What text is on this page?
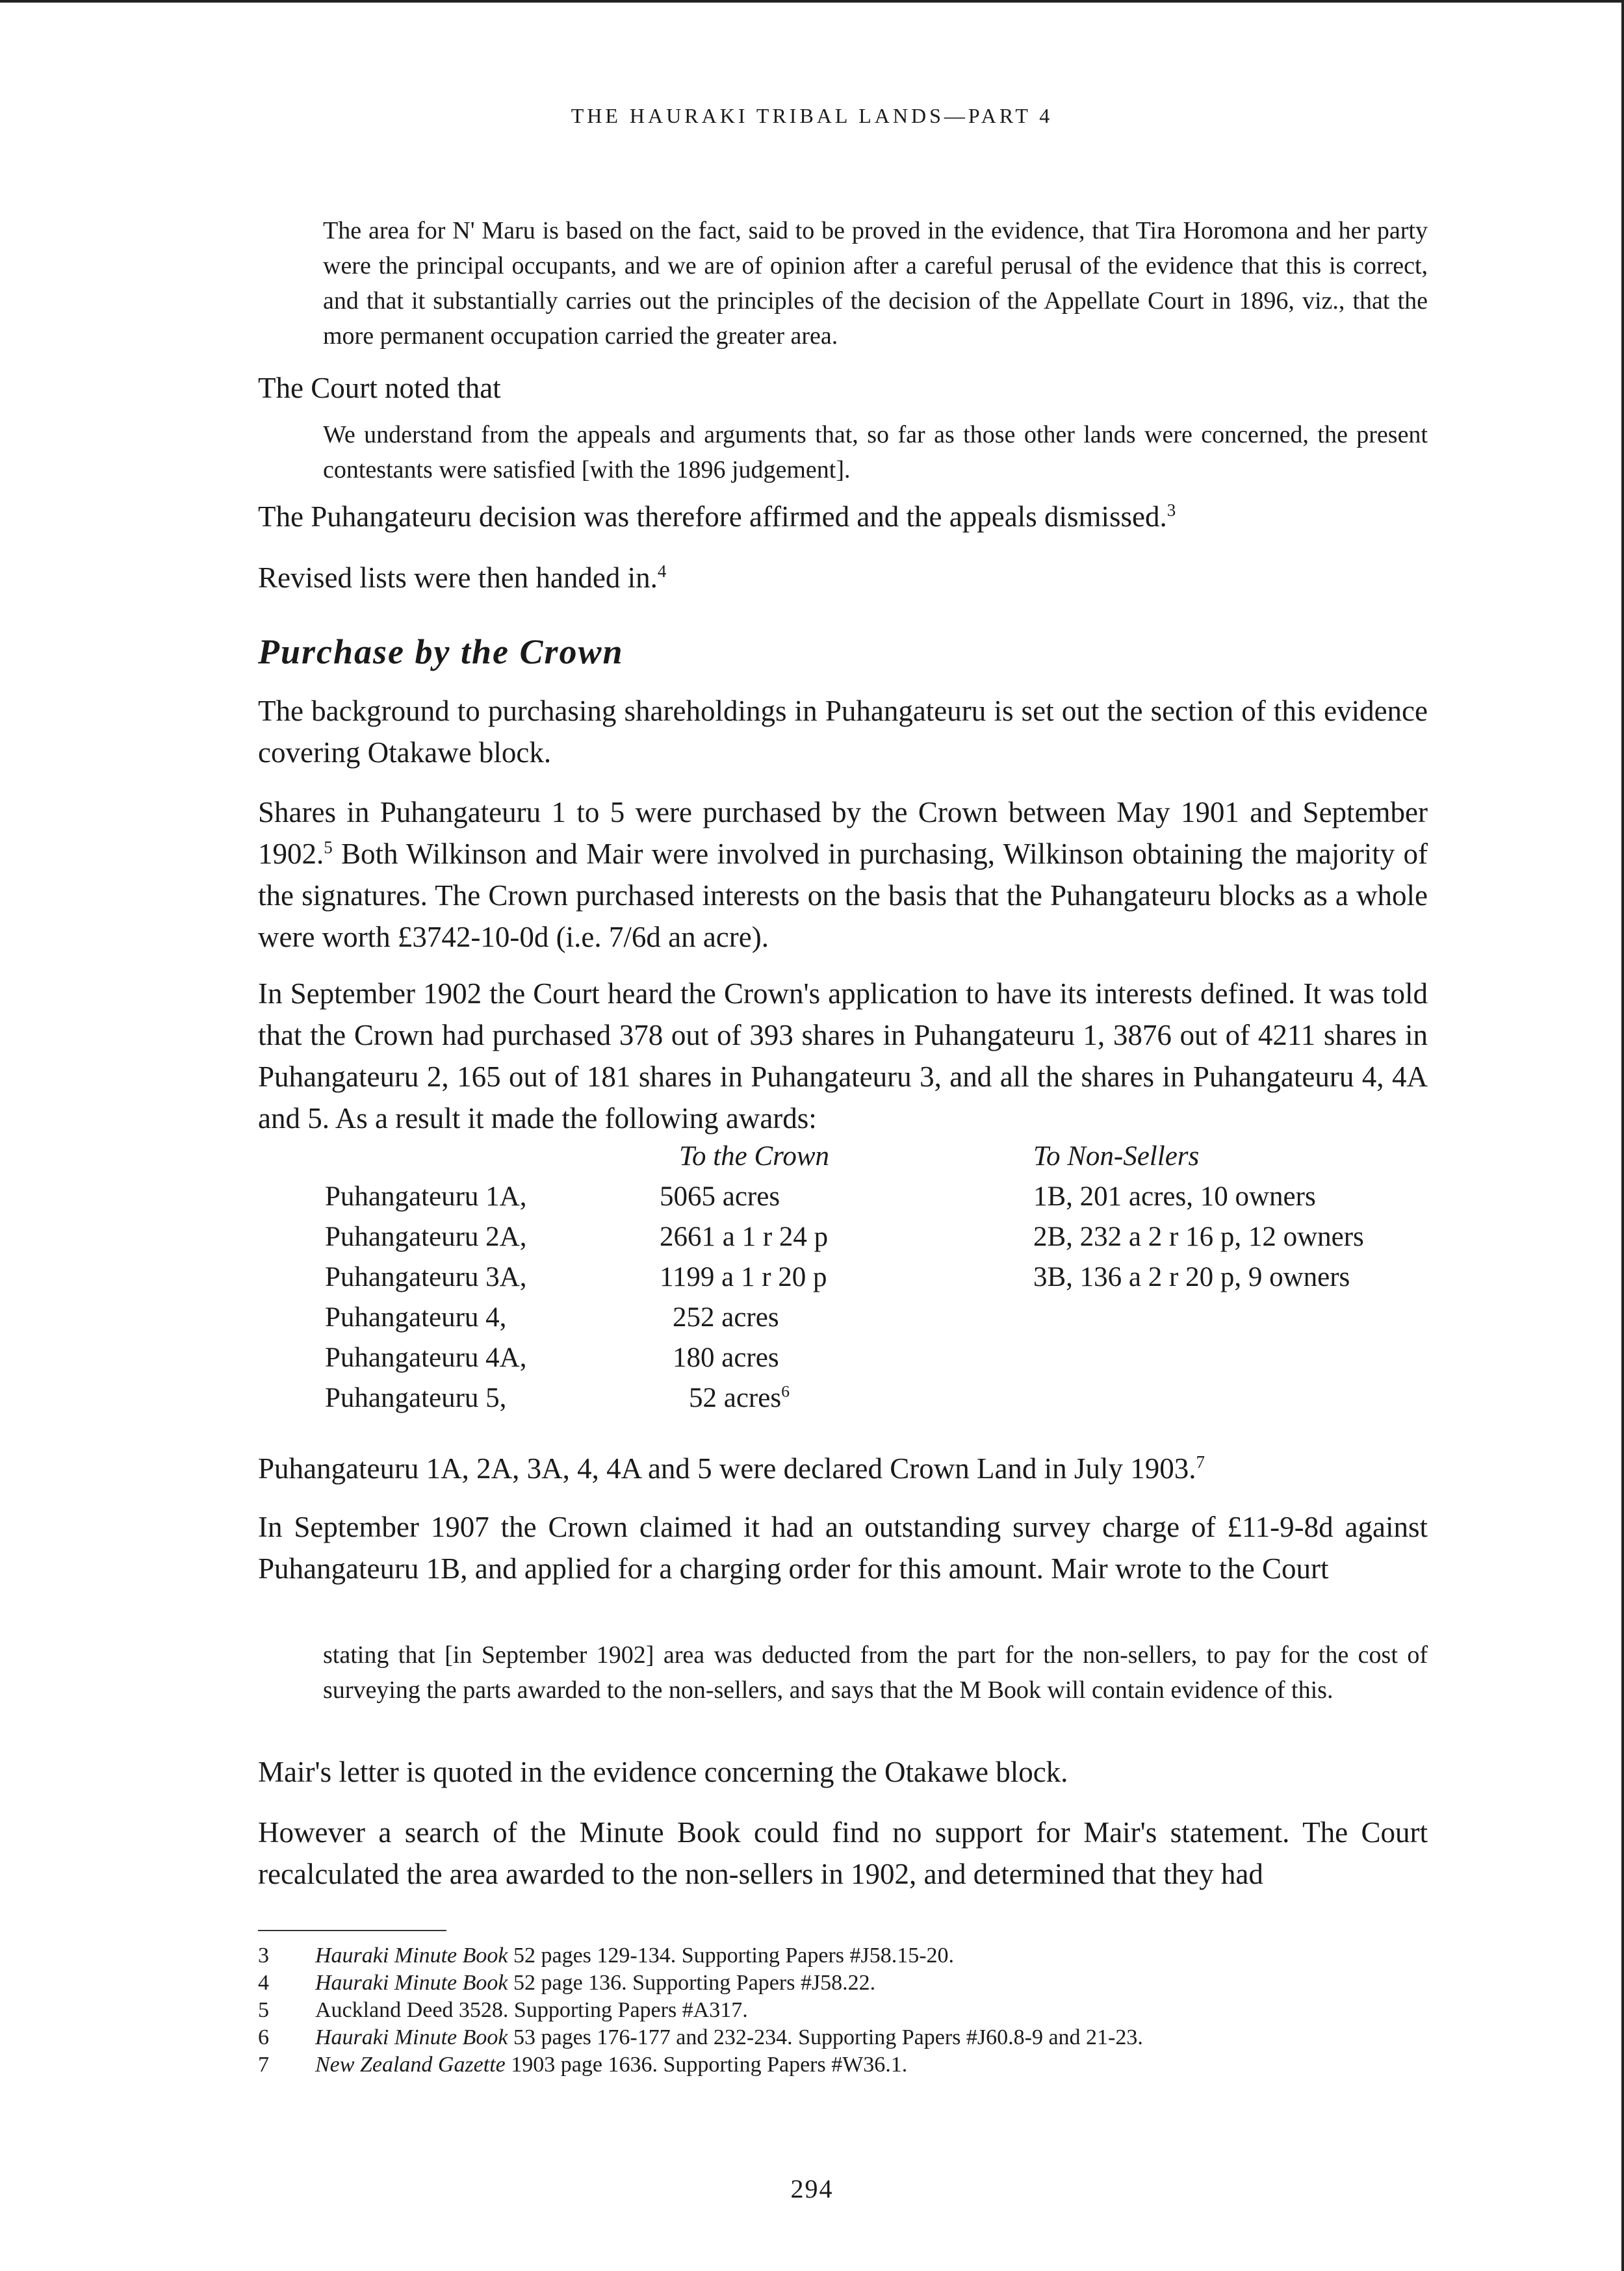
THE HAURAKI TRIBAL LANDS—PART 4

The area for N' Maru is based on the fact, said to be proved in the evidence, that Tira Horomona and her party were the principal occupants, and we are of opinion after a careful perusal of the evidence that this is correct, and that it substantially carries out the principles of the decision of the Appellate Court in 1896, viz., that the more permanent occupation carried the greater area.

The Court noted that

We understand from the appeals and arguments that, so far as those other lands were concerned, the present contestants were satisfied [with the 1896 judgement].

The Puhangateuru decision was therefore affirmed and the appeals dismissed.$^3$

Revised lists were then handed in.$^4$

Purchase by the Crown

The background to purchasing shareholdings in Puhangateuru is set out the section of this evidence covering Otakawe block.

Shares in Puhangateuru 1 to 5 were purchased by the Crown between May 1901 and September 1902.$^5$ Both Wilkinson and Mair were involved in purchasing, Wilkinson obtaining the majority of the signatures. The Crown purchased interests on the basis that the Puhangateuru blocks as a whole were worth £3742-10-0d (i.e. 7/6d an acre).

In September 1902 the Court heard the Crown's application to have its interests defined. It was told that the Crown had purchased 378 out of 393 shares in Puhangateuru 1, 3876 out of 4211 shares in Puhangateuru 2, 165 out of 181 shares in Puhangateuru 3, and all the shares in Puhangateuru 4, 4A and 5. As a result it made the following awards:

To the Crown	To Non-Sellers
Puhangateuru 1A,	5065 acres	1B, 201 acres, 10 owners
Puhangateuru 2A,	2661 a 1 r 24 p	2B, 232 a 2 r 16 p, 12 owners
Puhangateuru 3A,	1199 a 1 r 20 p	3B, 136 a 2 r 20 p, 9 owners
Puhangateuru 4,	252 acres
Puhangateuru 4A,	180 acres
Puhangateuru 5,	52 acres$^6$

Puhangateuru 1A, 2A, 3A, 4, 4A and 5 were declared Crown Land in July 1903.$^7$

In September 1907 the Crown claimed it had an outstanding survey charge of £11-9-8d against Puhangateuru 1B, and applied for a charging order for this amount. Mair wrote to the Court

stating that [in September 1902] area was deducted from the part for the non-sellers, to pay for the cost of surveying the parts awarded to the non-sellers, and says that the M Book will contain evidence of this.

Mair's letter is quoted in the evidence concerning the Otakawe block.

However a search of the Minute Book could find no support for Mair's statement. The Court recalculated the area awarded to the non-sellers in 1902, and determined that they had

3 Hauraki Minute Book 52 pages 129-134. Supporting Papers #J58.15-20.
4 Hauraki Minute Book 52 page 136. Supporting Papers #J58.22.
5 Auckland Deed 3528. Supporting Papers #A317.
6 Hauraki Minute Book 53 pages 176-177 and 232-234. Supporting Papers #J60.8-9 and 21-23.
7 New Zealand Gazette 1903 page 1636. Supporting Papers #W36.1.
294
